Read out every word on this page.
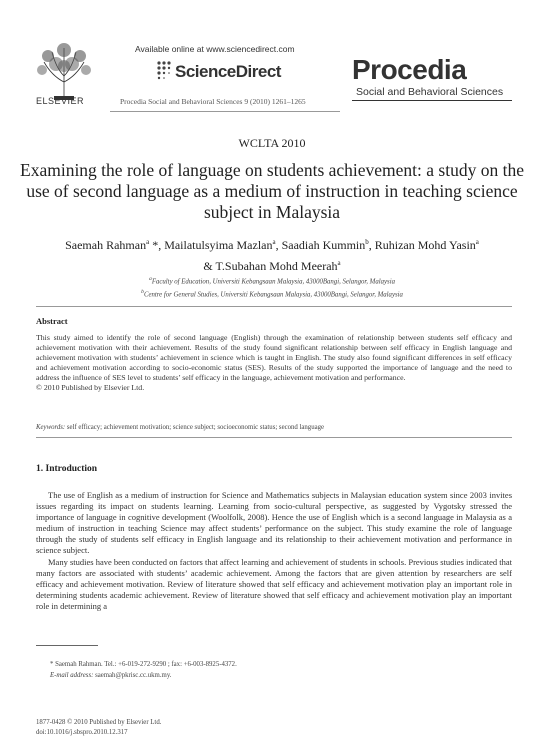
ELSEVIER
Available online at www.sciencedirect.com
ScienceDirect
Procedia Social and Behavioral Sciences 9 (2010) 1261–1265
Procedia
Social and Behavioral Sciences
WCLTA 2010
Examining the role of language on students achievement: a study on the use of second language as a medium of instruction in teaching science subject in Malaysia
Saemah Rahman$^a$ *, Mailatulsyima Mazlan$^a$, Saadiah Kummin$^b$, Ruhizan Mohd Yasin$^a$
& T.Subahan Mohd Meerah$^a$
$^a$Faculty of Education, Universiti Kebangsaan Malaysia, 43000Bangi, Selangor, Malaysia
$^b$Centre for General Studies, Universiti Kebangsaan Malaysia, 43000Bangi, Selangor, Malaysia
Abstract
This study aimed to identify the role of second language (English) through the examination of relationship between students self efficacy and achievement motivation with their achievement. Results of the study found significant relationship between self efficacy in English language and achievement motivation with students’ achievement in science which is taught in English. The study also found significant differences in self efficacy and achievement motivation according to socio-economic status (SES). Results of the study supported the importance of language and the need to address the influence of SES level to students’ self efficacy in the language, achievement motivation and performance.
© 2010 Published by Elsevier Ltd.
Keywords: self efficacy; achievement motivation; science subject; socioeconomic status; second language
1. Introduction

The use of English as a medium of instruction for Science and Mathematics subjects in Malaysian education system since 2003 invites issues regarding its impact on students learning. Learning from socio-cultural perspective, as suggested by Vygotsky stressed the importance of language in cognitive development (Woolfolk, 2008). Hence the use of English which is a second language in Malaysia as a medium of instruction in teaching Science may affect students’ performance on the subject. This study examine the role of language through the study of students self efficacy in English language and its relationship to their achievement motivation and performance in science subject.

Many studies have been conducted on factors that affect learning and achievement of students in schools. Previous studies indicated that many factors are associated with students’ academic achievement. Among the factors that are given attention by researchers are self efficacy and achievement motivation. Review of literature showed that self efficacy and achievement motivation play an important role in determining students academic achievement. Review of literature showed that self efficacy and achievement motivation play an important role in determining a

* Saemah Rahman. Tel.: +6-019-272-9290 ; fax: +6-003-8925-4372.
E-mail address: saemah@pkrisc.cc.ukm.my.
1877-0428 © 2010 Published by Elsevier Ltd.
doi:10.1016/j.sbspro.2010.12.317
